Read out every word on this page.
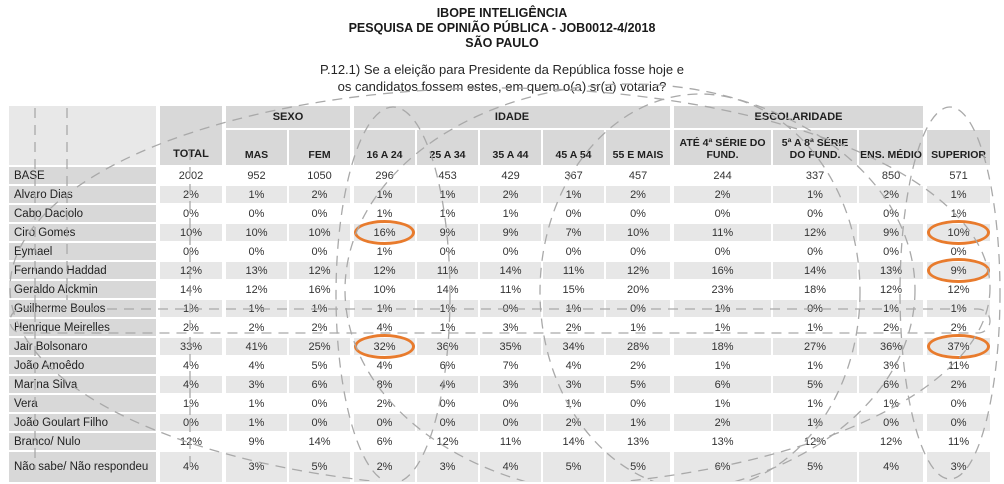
IBOPE INTELIGÊNCIA
PESQUISA DE OPINIÃO PÚBLICA - JOB0012-4/2018
SÃO PAULO
P.12.1) Se a eleição para Presidente da República fosse hoje e
os candidatos fossem estes, em quem o(a) sr(a) votaria?
	TOTAL	SEXO		IDADE					ESCOLARIDADE			
		MAS	FEM	16 A 24	25 A 34	35 A 44	45 A 54	55 E MAIS	ATÉ 4ª SÉRIE DO FUND.	5ª A 8ª SÉRIE DO FUND.	ENS. MÉDIO	SUPERIOR
BASE	2002	952	1050	296	453	429	367	457	244	337	850	571
Alvaro Dias	2%	1%	2%	1%	1%	2%	1%	2%	2%	1%	2%	1%
Cabo Daciolo	0%	0%	0%	1%	1%	1%	0%	0%	0%	0%	0%	1%
Ciro Gomes	10%	10%	10%	16%	9%	9%	7%	10%	11%	12%	9%	10%
Eymael	0%	0%	0%	1%	0%	0%	0%	0%	0%	0%	0%	0%
Fernando Haddad	12%	13%	12%	12%	11%	14%	11%	12%	16%	14%	13%	9%
Geraldo Alckmin	14%	12%	16%	10%	14%	11%	15%	20%	23%	18%	12%	12%
Guilherme Boulos	1%	1%	1%	1%	1%	0%	1%	0%	1%	0%	1%	1%
Henrique Meirelles	2%	2%	2%	4%	1%	3%	2%	1%	1%	1%	2%	2%
Jair Bolsonaro	33%	41%	25%	32%	36%	35%	34%	28%	18%	27%	36%	37%
João Amoêdo	4%	4%	5%	4%	6%	7%	4%	2%	1%	1%	3%	11%
Marina Silva	4%	3%	6%	8%	4%	3%	3%	5%	6%	5%	6%	2%
Vera	1%	1%	0%	2%	0%	0%	1%	0%	1%	1%	1%	0%
João Goulart Filho	0%	1%	0%	0%	0%	0%	2%	1%	2%	1%	0%	0%
Branco/ Nulo	12%	9%	14%	6%	12%	11%	14%	13%	13%	12%	12%	11%
Não sabe/ Não respondeu	4%	3%	5%	2%	3%	4%	5%	5%	6%	5%	4%	3%
